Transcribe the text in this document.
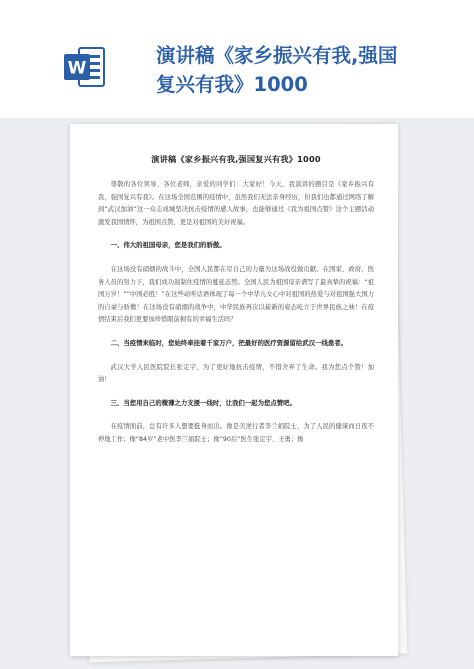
W
演讲稿《家乡振兴有我,强国
复兴有我》1000
演讲稿《家乡振兴有我,强国复兴有我》1000
尊敬的各位领导、各位老师，亲爱的同学们：大家好！今天，我演讲的题目是《家乡振兴有我，强国复兴有我》。在这场全国范围的疫情中，虽然我们无法亲身经历，但我们也都通过网络了解到“武汉加油”这一众志成城坚决抗击疫情的感人故事，也能够通过《我为祖国点赞》这个主题活动激发我国情怀，为祖国点赞，更是对祖国的美好祝福。
一、伟大的祖国母亲，您是我们的骄傲。
在这场没有硝烟的战斗中，全国人民都在尽自己的力量为这场战役做贡献。在国家、政府、医务人员的努力下，我们成功遏制住疫情的蔓延态势。全国人民为祖国母亲谱写了最真挚的祝福：“祖国万岁！”“中国必胜！”在这些动听话语体现了每一个中华儿女心中对祖国的热爱与对祖国强大国力的自豪与骄傲！在这场没有硝烟的战争中，中华民族再次以崭新的姿态屹立于世界民族之林！在疫情结束后我们更要加珍惜眼前拥有的幸福生活吗？
二、当疫情来临时，您始终牵挂着千家万户，把最好的医疗资源留给武汉一线患者。
武汉大学人民医院院长张定宇，为了更好地抗击疫情，不惜舍弃了生命。我为您点个赞！加油！
三、当您用自己的微薄之力支援一线时，让我们一起为您点赞吧。
在疫情面前，总有许多人想要挺身而出。像是美逆行者李兰娟院士，为了人民的健康而日夜不停地工作；像“84岁”老中医李兰娟院士；像“90后”医生张定宇、王勇；像
